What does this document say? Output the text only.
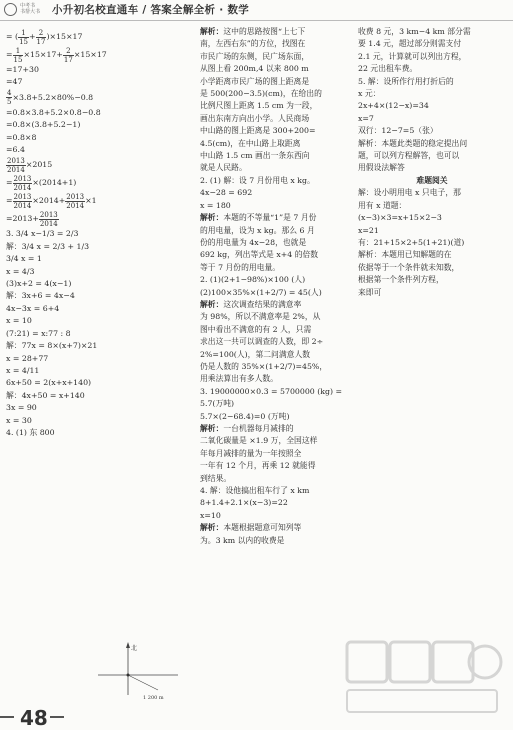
中考书
书帮大书 小升初名校直通车 / 答案全解全析 · 数学
= ( $\frac{1}{15} + \frac{2}{17} )\times 15\times 17$
= $\frac{1}{15} \times 15\times 17+ \frac{2}{17} \times 15\times 17$
=17+30
=47
$\frac{4}{5} \times 3.8+5.2\times 80\%-0.8$
=0.8×3.8+5.2×0.8−0.8
=0.8×(3.8+5.2−1)
=0.8×8
=6.4
$\frac{2013}{2014} \times 2015$
= $\frac{2013}{2014} \times(2014+1)$
= $\frac{2013}{2014} \times 2014+ \frac{2013}{2014} \times 1$
$=2013+ \frac{2013}{2014}$
3. 3/4 x−1/3 = 2/3
解：3/4 x = 2/3 + 1/3
3/4 x = 1
x = 4/3
(3)x+2 = 4(x−1)
解：3x+6 = 4x−4
4x−3x = 6+4
x = 10
(7:21) = x:77 : 8
解：77x = 8×(x+7)×21
x = 28+77
x = 4/11
6x+50 = 2(x+x+140)
解：4x+50 = x+140
3x = 90
x = 30
4. (1) 东 800
解析：这中的思路按图“上七下
南，左西右东”的方位，找图在
市民广场的东侧，民广场东面，
从图上看 200m,4 以来 800 m
小学距离市民广场的图上距离是
是 500(200−3.5)(cm)，在给出的
比例尺图上距离 1.5 cm 为一段，
画出东南方向出小学。人民商场
中山路的图上距离是 300+200=
4.5(cm)，在中山路上取距离
中山路 1.5 cm 画出一条东西向
就是人民路。
2. (1) 解：设 7 月份用电 x kg。
4x−28 = 692
x = 180
解析：本题的不等量“1”是 7 月份
的用电量，设为 x kg。那么 6 月
份的用电量为 4x−28，也就是
692 kg，列出等式是 x+4 的倍数
等于 7 月份的用电量。
2. (1)(2+1−98%)×100 (人)
(2)100×35%×(1+2/7) = 45(人)
解析：这次调查结果的满意率
为 98%，所以不满意率是 2%，从
图中看出不满意的有 2 人，只需
求出这一共可以调查的人数，即 2÷
2%=100(人)，第二问满意人数
仍是人数的 35%×(1+2/7)=45%，
用乘法算出有多人数。
3. 19000000×0.3 = 5700000 (kg) =
5.7(万吨)
5.7×(2−68.4)=0 (万吨)
解析：一台机器每月减排的
二氧化碳量是 ×1.9 万，全国这样
年每月减排的量为一年按照全
一年有 12 个月，再乘 12 就能得
到结果。
4. 解：设他搞出租车行了 x km
8+1.4+2.1×(x−3)=22
x=10
解析：本题根据题意可知列等
为。3 km 以内的收费是
收费 8 元，3 km−4 km 部分需
要 1.4 元，超过部分则需支付
2.1 元，计算就可以列出方程，
22 元出租车费。
5. 解：设所作行用打折后的
x 元：
2x+4×(12−x)=34
x=7
双行：12−7=5（张）
解析：本题此类题的稳定提出问
题，可以列方程解答，也可以
用假设法解答
难题阅关
解：设小明用电 x 只电子，那
用有 x 道题：
(x−3)×3=x+15×2−3
x=21
有：21+15×2+5(1+21)(道)
解析：本题用已知解题的在
依据等于一个条件就未知数，
根据第一个条件列方程，
来即可
北
1 200 m
48
